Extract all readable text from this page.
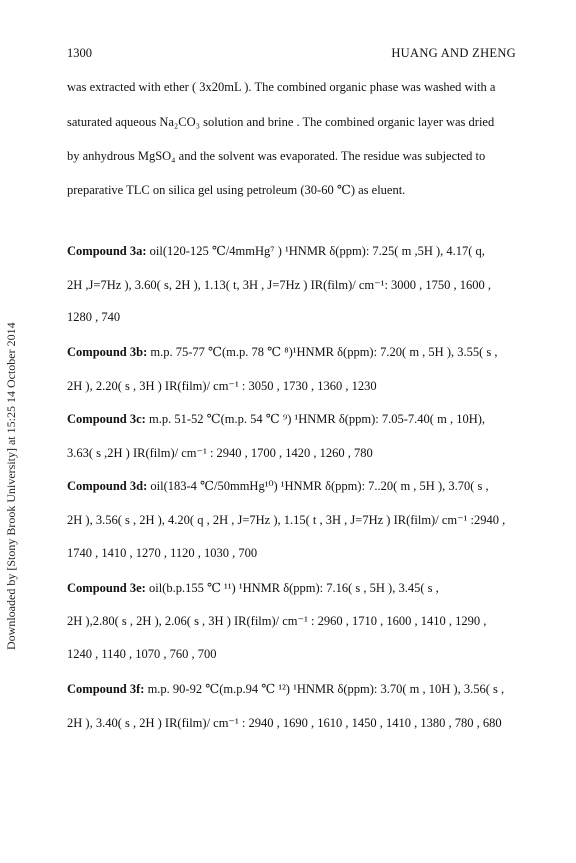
1300	HUANG AND ZHENG
Downloaded by [Stony Brook University] at 15:25 14 October 2014
was extracted with ether ( 3x20mL ). The combined organic phase was washed with a
saturated aqueous Na₂CO₃ solution and brine . The combined organic layer was dried
by anhydrous MgSO₄ and the solvent was evaporated. The residue was subjected to
preparative TLC on silica gel using petroleum (30-60 ℃) as eluent.
Compound 3a: oil(120-125 ℃/4mmHg⁷ ) ¹HNMR δ(ppm): 7.25( m ,5H ), 4.17( q,
2H ,J=7Hz ), 3.60( s, 2H ), 1.13( t, 3H , J=7Hz ) IR(film)/ cm⁻¹: 3000 , 1750 , 1600 ,
1280 , 740
Compound 3b: m.p. 75-77 ℃(m.p. 78 ℃ ⁸)¹HNMR δ(ppm): 7.20( m , 5H ), 3.55( s ,
2H ), 2.20( s , 3H ) IR(film)/ cm⁻¹ : 3050 , 1730 , 1360 , 1230
Compound 3c: m.p. 51-52 ℃(m.p. 54 ℃ ⁹) ¹HNMR δ(ppm): 7.05-7.40( m , 10H),
3.63( s ,2H ) IR(film)/ cm⁻¹ : 2940 , 1700 , 1420 , 1260 , 780
Compound 3d: oil(183-4 ℃/50mmHg¹⁰) ¹HNMR δ(ppm): 7..20( m , 5H ), 3.70( s ,
2H ), 3.56( s , 2H ), 4.20( q , 2H , J=7Hz ), 1.15( t , 3H , J=7Hz ) IR(film)/ cm⁻¹ :2940 ,
1740 , 1410 , 1270 , 1120 , 1030 , 700
Compound 3e: oil(b.p.155 ℃ ¹¹) ¹HNMR δ(ppm): 7.16( s , 5H ), 3.45( s ,
2H ),2.80( s , 2H ), 2.06( s , 3H ) IR(film)/ cm⁻¹ : 2960 , 1710 , 1600 , 1410 , 1290 ,
1240 , 1140 , 1070 , 760 , 700
Compound 3f: m.p. 90-92 ℃(m.p.94 ℃ ¹²) ¹HNMR δ(ppm): 3.70( m , 10H ), 3.56( s ,
2H ), 3.40( s , 2H ) IR(film)/ cm⁻¹ : 2940 , 1690 , 1610 , 1450 , 1410 , 1380 , 780 , 680
